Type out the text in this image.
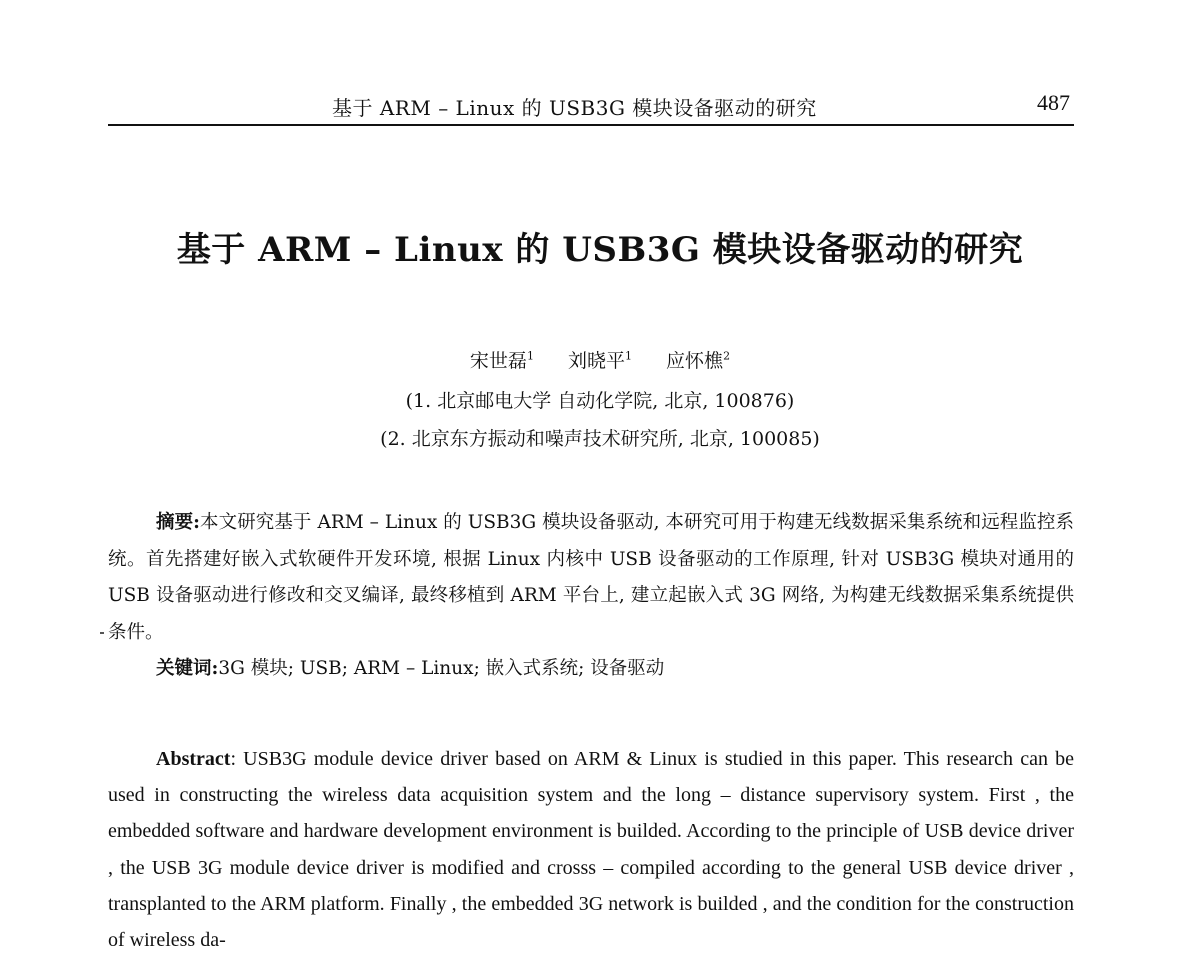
基于 ARM – Linux 的 USB3G 模块设备驱动的研究	487
基于 ARM – Linux 的 USB3G 模块设备驱动的研究
宋世磊$^1$ 刘晓平$^1$ 应怀樵$^2$
(1. 北京邮电大学 自动化学院, 北京, 100876)
(2. 北京东方振动和噪声技术研究所, 北京, 100085)

摘要:本文研究基于 ARM – Linux 的 USB3G 模块设备驱动, 本研究可用于构建无线数据采集系统和远程监控系统。首先搭建好嵌入式软硬件开发环境, 根据 Linux 内核中 USB 设备驱动的工作原理, 针对 USB3G 模块对通用的 USB 设备驱动进行修改和交叉编译, 最终移植到 ARM 平台上, 建立起嵌入式 3G 网络, 为构建无线数据采集系统提供条件。

关键词:3G 模块; USB; ARM – Linux; 嵌入式系统; 设备驱动

Abstract: USB3G module device driver based on ARM & Linux is studied in this paper. This research can be used in constructing the wireless data acquisition system and the long – distance supervisory system. First , the embedded software and hardware development environment is builded. According to the principle of USB device driver , the USB 3G module device driver is modified and crosss – compiled according to the general USB device driver , transplanted to the ARM platform. Finally , the embedded 3G network is builded , and the condition for the construction of wireless da-
